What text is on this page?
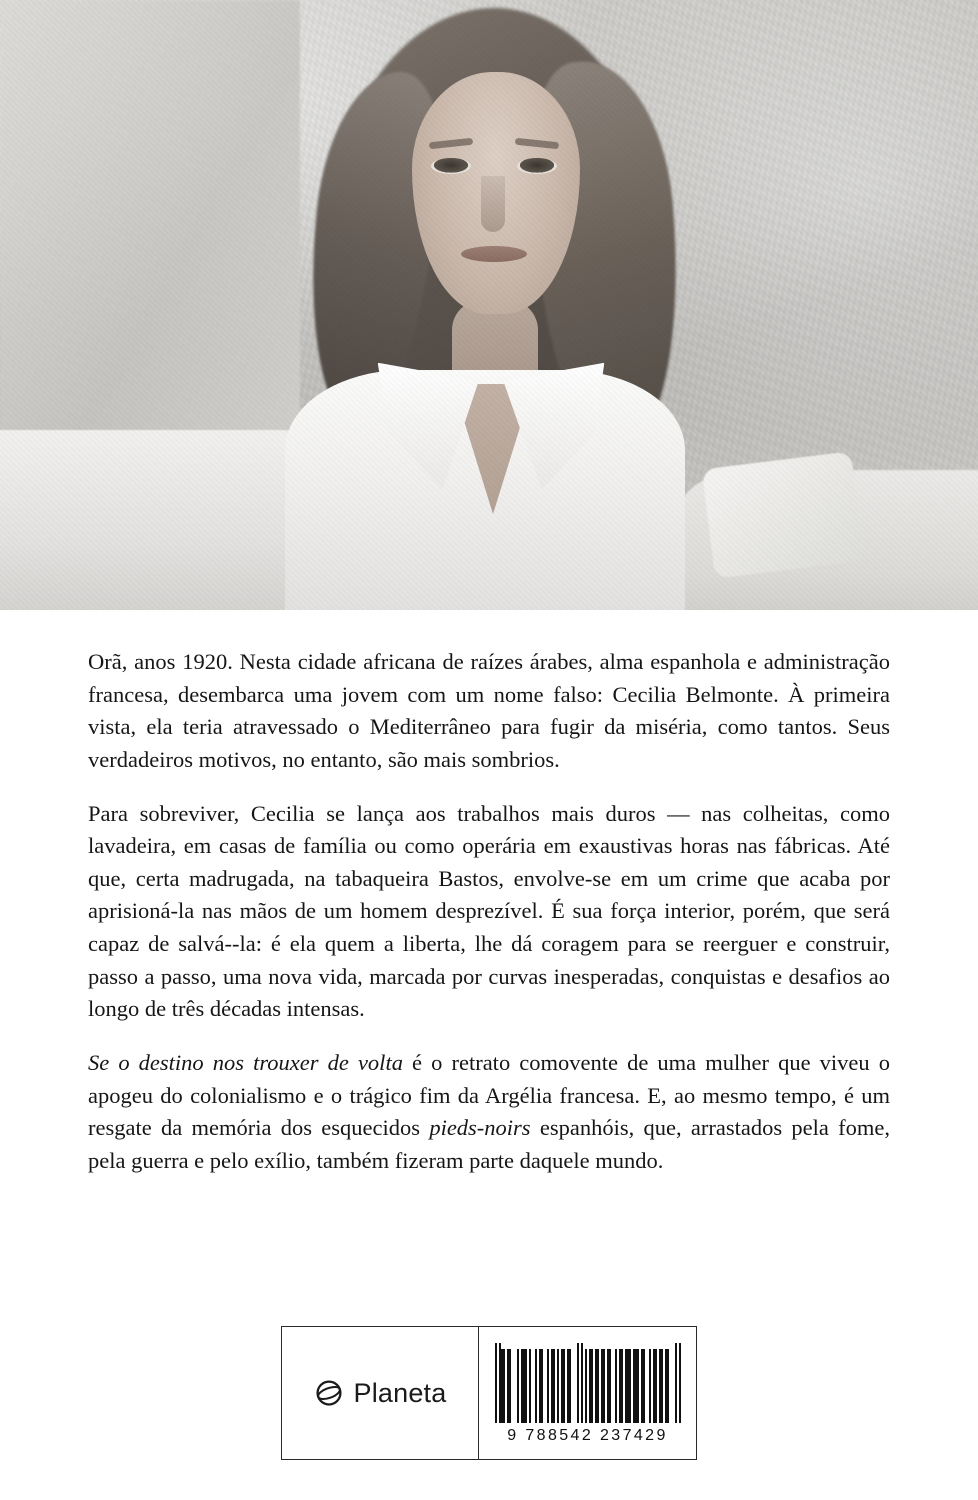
Orã, anos 1920. Nesta cidade africana de raízes árabes, alma espanhola e administração francesa, desembarca uma jovem com um nome falso: Cecilia Belmonte. À primeira vista, ela teria atravessado o Mediterrâneo para fugir da miséria, como tantos. Seus verdadeiros motivos, no entanto, são mais sombrios.

Para sobreviver, Cecilia se lança aos trabalhos mais duros — nas colheitas, como lavadeira, em casas de família ou como operária em exaustivas horas nas fábricas. Até que, certa madrugada, na tabaqueira Bastos, envolve-se em um crime que acaba por aprisioná-la nas mãos de um homem desprezível. É sua força interior, porém, que será capaz de salvá--la: é ela quem a liberta, lhe dá coragem para se reerguer e construir, passo a passo, uma nova vida, marcada por curvas inesperadas, conquistas e desafios ao longo de três décadas intensas.

Se o destino nos trouxer de volta é o retrato comovente de uma mulher que viveu o apogeu do colonialismo e o trágico fim da Argélia francesa. E, ao mesmo tempo, é um resgate da memória dos esquecidos pieds-noirs espanhóis, que, arrastados pela fome, pela guerra e pelo exílio, também fizeram parte daquele mundo.

Planeta
9 788542 237429
